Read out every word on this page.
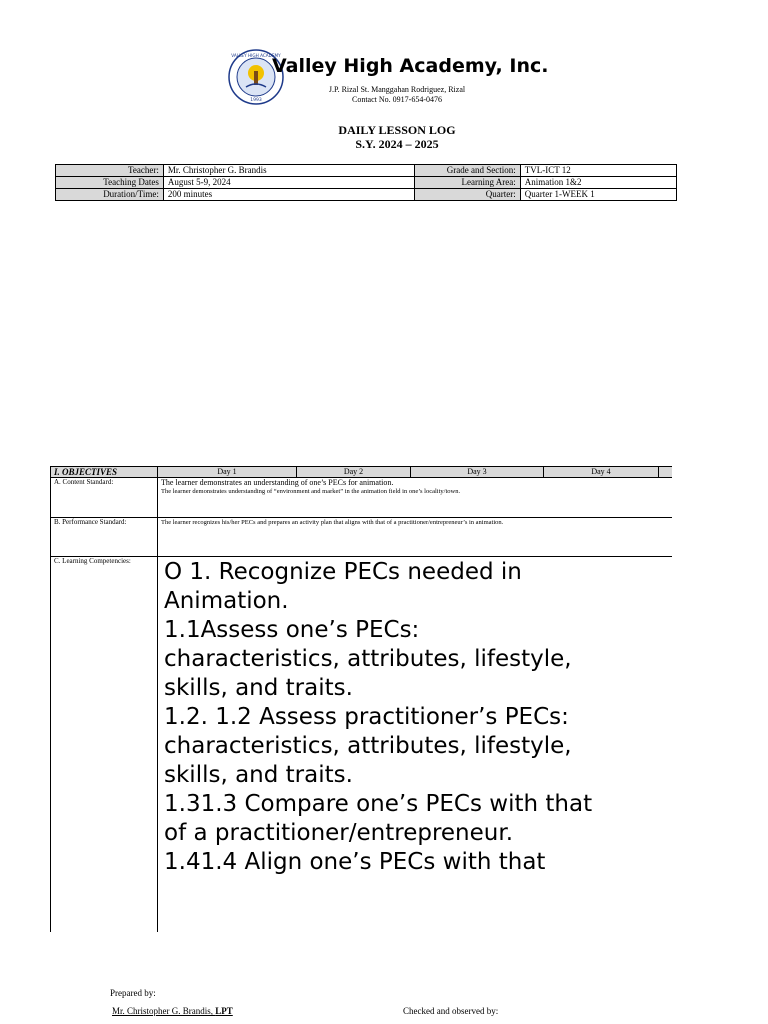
VALLEY HIGH ACADEMY
1993
Valley High Academy, Inc.
J.P. Rizal St. Manggahan Rodriguez, Rizal
Contact No. 0917-654-0476
DAILY LESSON LOG
S.Y. 2024 – 2025
Teacher:	Mr. Christopher G. Brandis	Grade and Section:	TVL-ICT 12
Teaching Dates	August 5-9, 2024	Learning Area:	Animation 1&2
Duration/Time:	200 minutes	Quarter:	Quarter 1-WEEK 1
I. OBJECTIVES	Day 1	Day 2	Day 3	Day 4	
A. Content Standard:	The learner demonstrates an understanding of one’s PECs for animation.
The learner demonstrates understanding of “environment and market” in the animation field in one’s locality/town.				

B. Performance Standard:	The learner recognizes his/her PECs and prepares an activity plan that aligns with that of a practitioner/entrepreneur’s in animation.				
C. Learning Competencies:	O 1. Recognize PECs needed in Animation.
1.1Assess one’s PECs: characteristics, attributes, lifestyle, skills, and traits.
1.2. 1.2 Assess practitioner’s PECs: characteristics, attributes, lifestyle, skills, and traits.
1.31.3 Compare one’s PECs with that of a practitioner/entrepreneur.
1.41.4 Align one’s PECs with that				
Prepared by:
Mr. Christopher G. Brandis, LPT	Checked and observed by:
